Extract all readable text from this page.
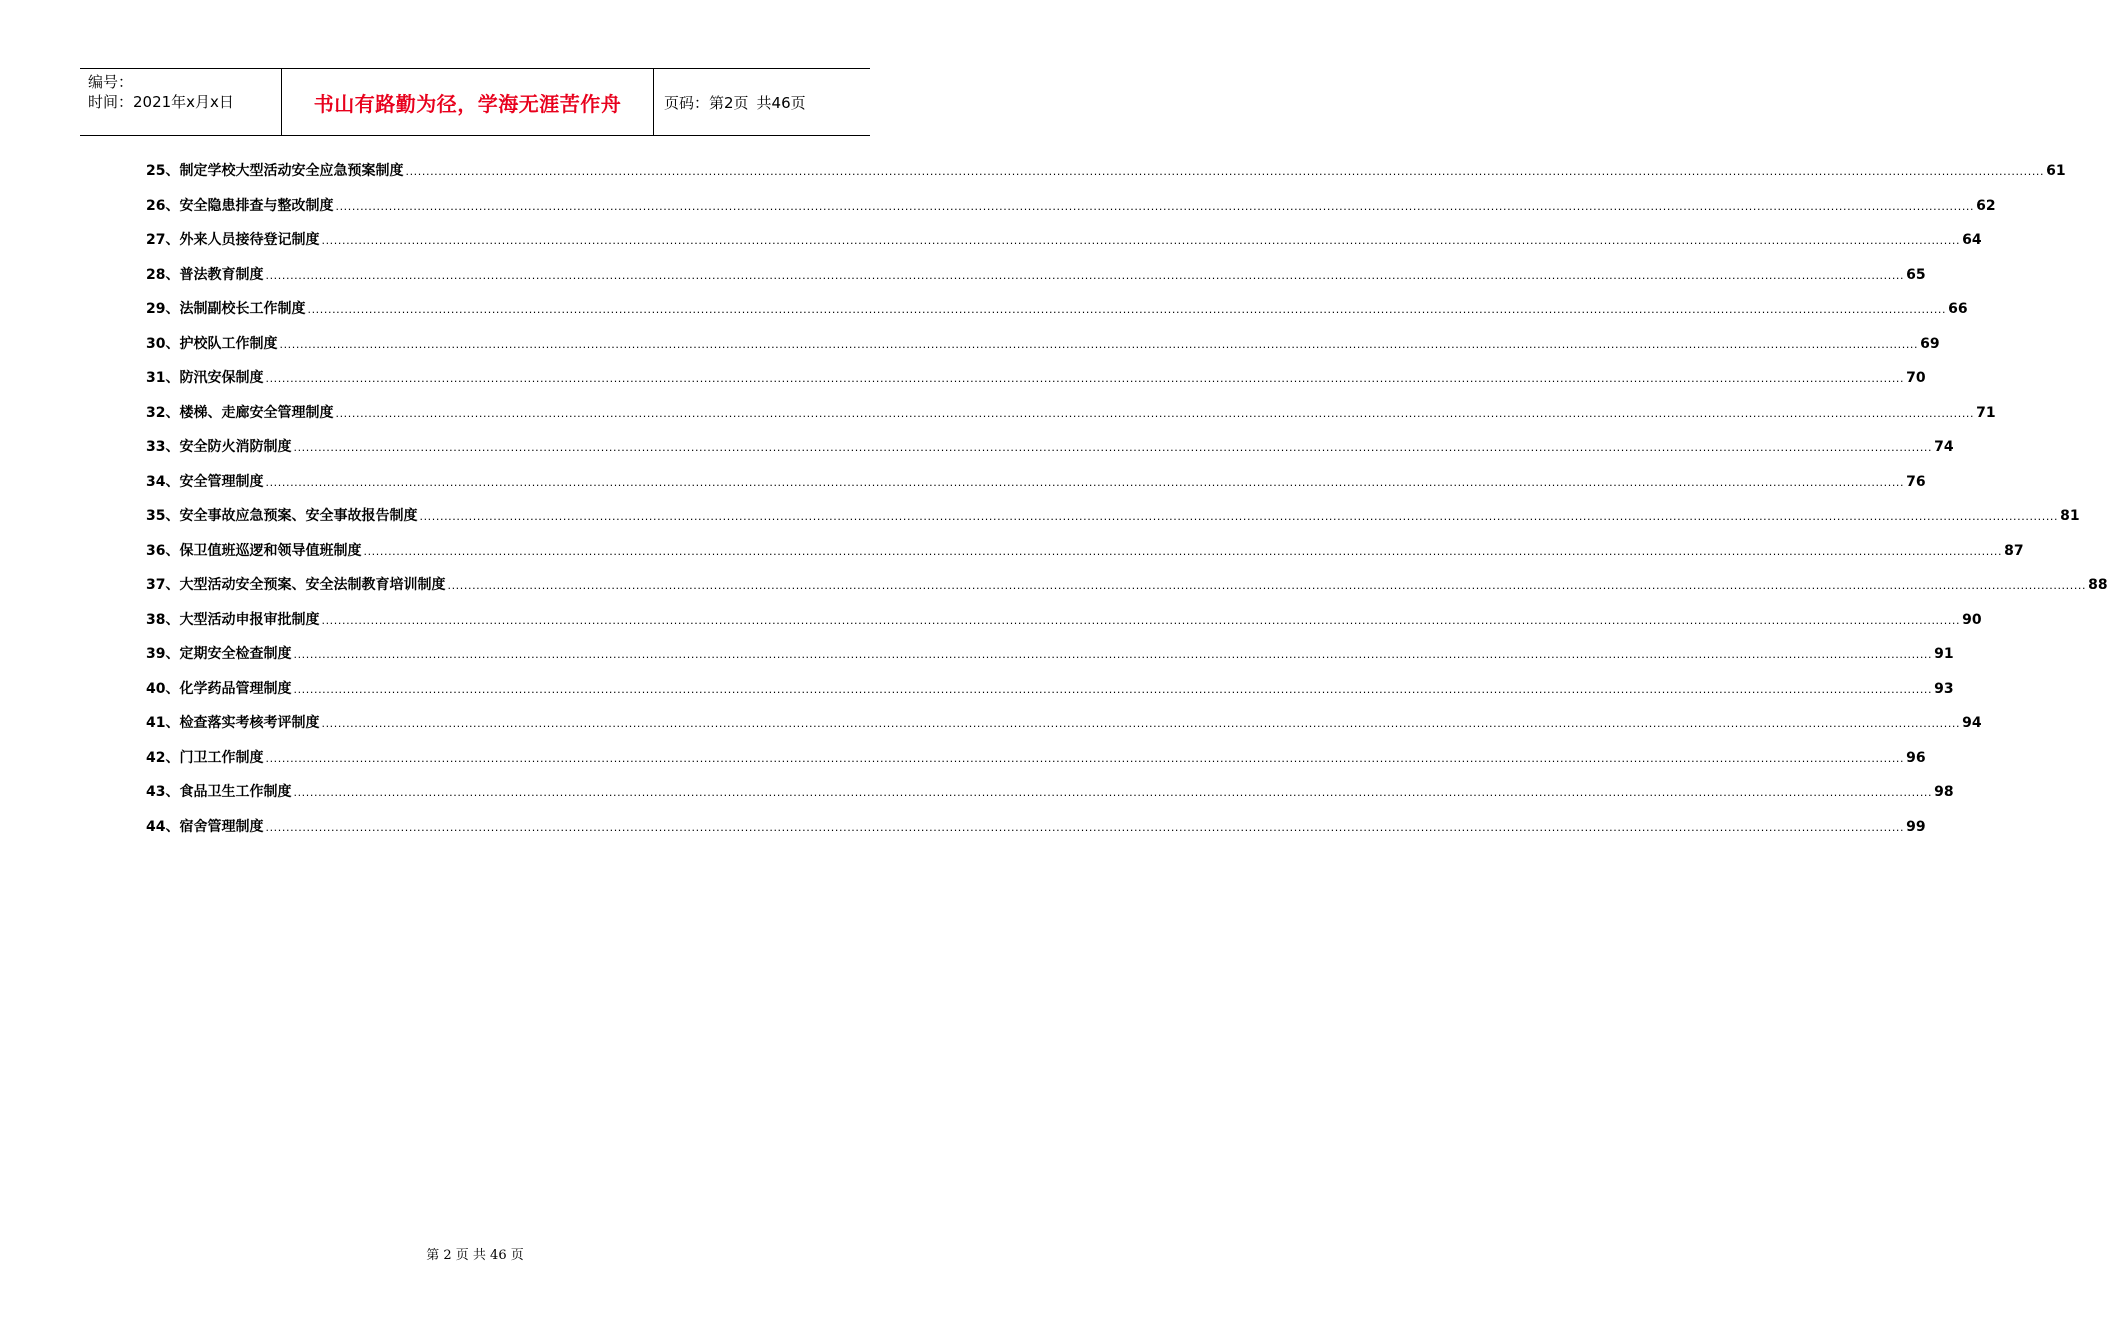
编号：
时间：2021年x月x日	书山有路勤为径，学海无涯苦作舟	页码：第2页 共46页
25、制定学校大型活动安全应急预案制度 ................................................................................................................................................................................................................................................................................................................................................................................................................ 61
26、安全隐患排查与整改制度 ................................................................................................................................................................................................................................................................................................................................................................................................................ 62
27、外来人员接待登记制度 ................................................................................................................................................................................................................................................................................................................................................................................................................ 64
28、普法教育制度 ................................................................................................................................................................................................................................................................................................................................................................................................................ 65
29、法制副校长工作制度 ................................................................................................................................................................................................................................................................................................................................................................................................................ 66
30、护校队工作制度 ................................................................................................................................................................................................................................................................................................................................................................................................................ 69
31、防汛安保制度 ................................................................................................................................................................................................................................................................................................................................................................................................................ 70
32、楼梯、走廊安全管理制度 ................................................................................................................................................................................................................................................................................................................................................................................................................ 71
33、安全防火消防制度 ................................................................................................................................................................................................................................................................................................................................................................................................................ 74
34、安全管理制度 ................................................................................................................................................................................................................................................................................................................................................................................................................ 76
35、安全事故应急预案、安全事故报告制度 ................................................................................................................................................................................................................................................................................................................................................................................................................ 81
36、保卫值班巡逻和领导值班制度 ................................................................................................................................................................................................................................................................................................................................................................................................................ 87
37、大型活动安全预案、安全法制教育培训制度 ................................................................................................................................................................................................................................................................................................................................................................................................................ 88
38、大型活动申报审批制度 ................................................................................................................................................................................................................................................................................................................................................................................................................ 90
39、定期安全检查制度 ................................................................................................................................................................................................................................................................................................................................................................................................................ 91
40、化学药品管理制度 ................................................................................................................................................................................................................................................................................................................................................................................................................ 93
41、检查落实考核考评制度 ................................................................................................................................................................................................................................................................................................................................................................................................................ 94
42、门卫工作制度 ................................................................................................................................................................................................................................................................................................................................................................................................................ 96
43、食品卫生工作制度 ................................................................................................................................................................................................................................................................................................................................................................................................................ 98
44、宿舍管理制度 ................................................................................................................................................................................................................................................................................................................................................................................................................ 99
第 2 页 共 46 页
